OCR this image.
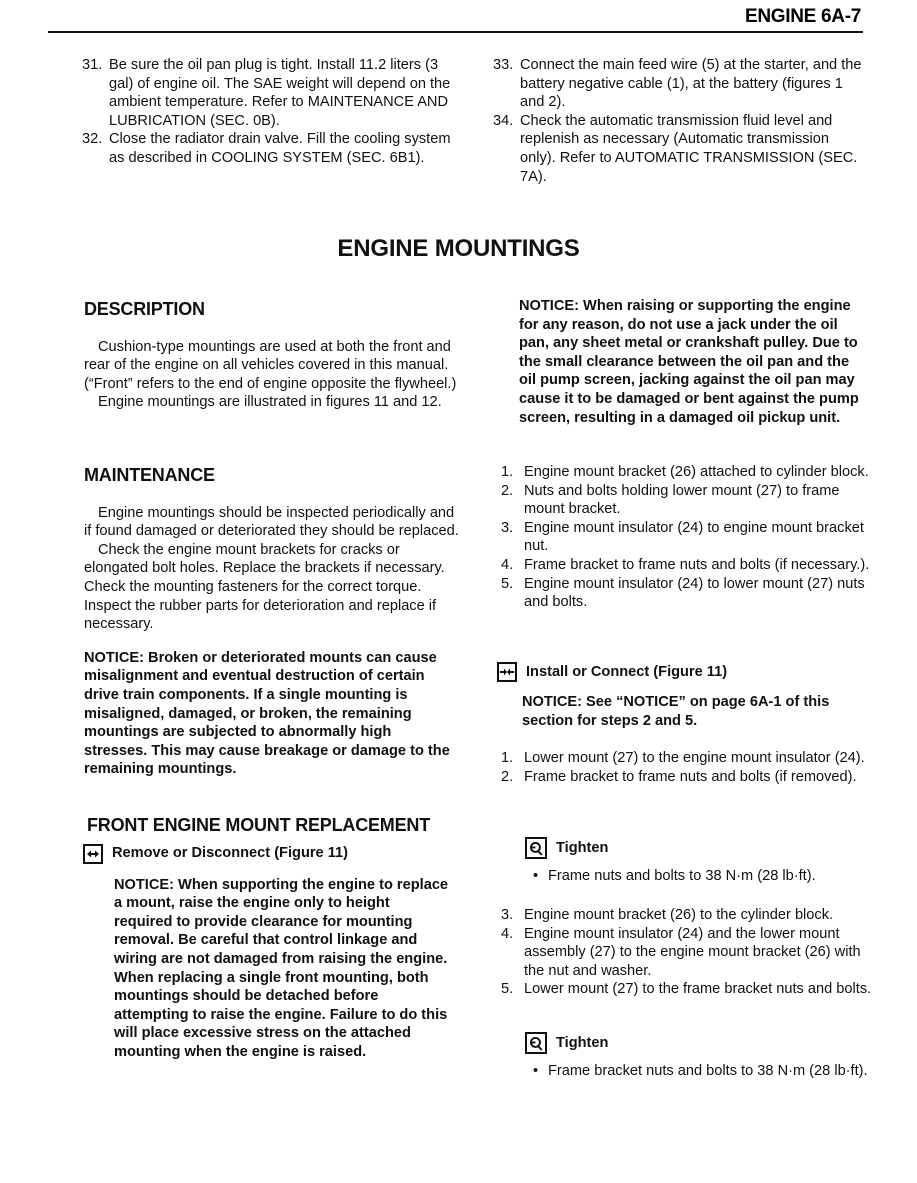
ENGINE 6A-7
31. Be sure the oil pan plug is tight. Install 11.2 liters (3 gal) of engine oil. The SAE weight will depend on the ambient temperature. Refer to MAINTENANCE AND LUBRICATION (SEC. 0B).
32. Close the radiator drain valve. Fill the cooling system as described in COOLING SYSTEM (SEC. 6B1).
33. Connect the main feed wire (5) at the starter, and the battery negative cable (1), at the battery (figures 1 and 2).
34. Check the automatic transmission fluid level and replenish as necessary (Automatic transmission only). Refer to AUTOMATIC TRANSMISSION (SEC. 7A).
ENGINE MOUNTINGS
DESCRIPTION

Cushion-type mountings are used at both the front and rear of the engine on all vehicles covered in this manual. (“Front” refers to the end of engine opposite the flywheel.)

Engine mountings are illustrated in figures 11 and 12.

MAINTENANCE

Engine mountings should be inspected periodically and if found damaged or deteriorated they should be replaced.

Check the engine mount brackets for cracks or elongated bolt holes. Replace the brackets if necessary. Check the mounting fasteners for the correct torque. Inspect the rubber parts for deterioration and replace if necessary.

NOTICE: Broken or deteriorated mounts can cause misalignment and eventual destruction of certain drive train components. If a single mounting is misaligned, damaged, or broken, the remaining mountings are subjected to abnormally high stresses. This may cause breakage or damage to the remaining mountings.

FRONT ENGINE MOUNT REPLACEMENT
Remove or Disconnect (Figure 11)

NOTICE: When supporting the engine to replace a mount, raise the engine only to height required to provide clearance for mounting removal. Be careful that control linkage and wiring are not damaged from raising the engine. When replacing a single front mounting, both mountings should be detached before attempting to raise the engine. Failure to do this will place excessive stress on the attached mounting when the engine is raised.

NOTICE: When raising or supporting the engine for any reason, do not use a jack under the oil pan, any sheet metal or crankshaft pulley. Due to the small clearance between the oil pan and the oil pump screen, jacking against the oil pan may cause it to be damaged or bent against the pump screen, resulting in a damaged oil pickup unit.

1. Engine mount bracket (26) attached to cylinder block.
2. Nuts and bolts holding lower mount (27) to frame mount bracket.
3. Engine mount insulator (24) to engine mount bracket nut.
4. Frame bracket to frame nuts and bolts (if necessary.).
5. Engine mount insulator (24) to lower mount (27) nuts and bolts.
Install or Connect (Figure 11)

NOTICE: See “NOTICE” on page 6A-1 of this section for steps 2 and 5.

1. Lower mount (27) to the engine mount insulator (24).
2. Frame bracket to frame nuts and bolts (if removed).
Tighten
• Frame nuts and bolts to 38 N·m (28 lb·ft).
3. Engine mount bracket (26) to the cylinder block.
4. Engine mount insulator (24) and the lower mount assembly (27) to the engine mount bracket (26) with the nut and washer.
5. Lower mount (27) to the frame bracket nuts and bolts.
Tighten
• Frame bracket nuts and bolts to 38 N·m (28 lb·ft).
